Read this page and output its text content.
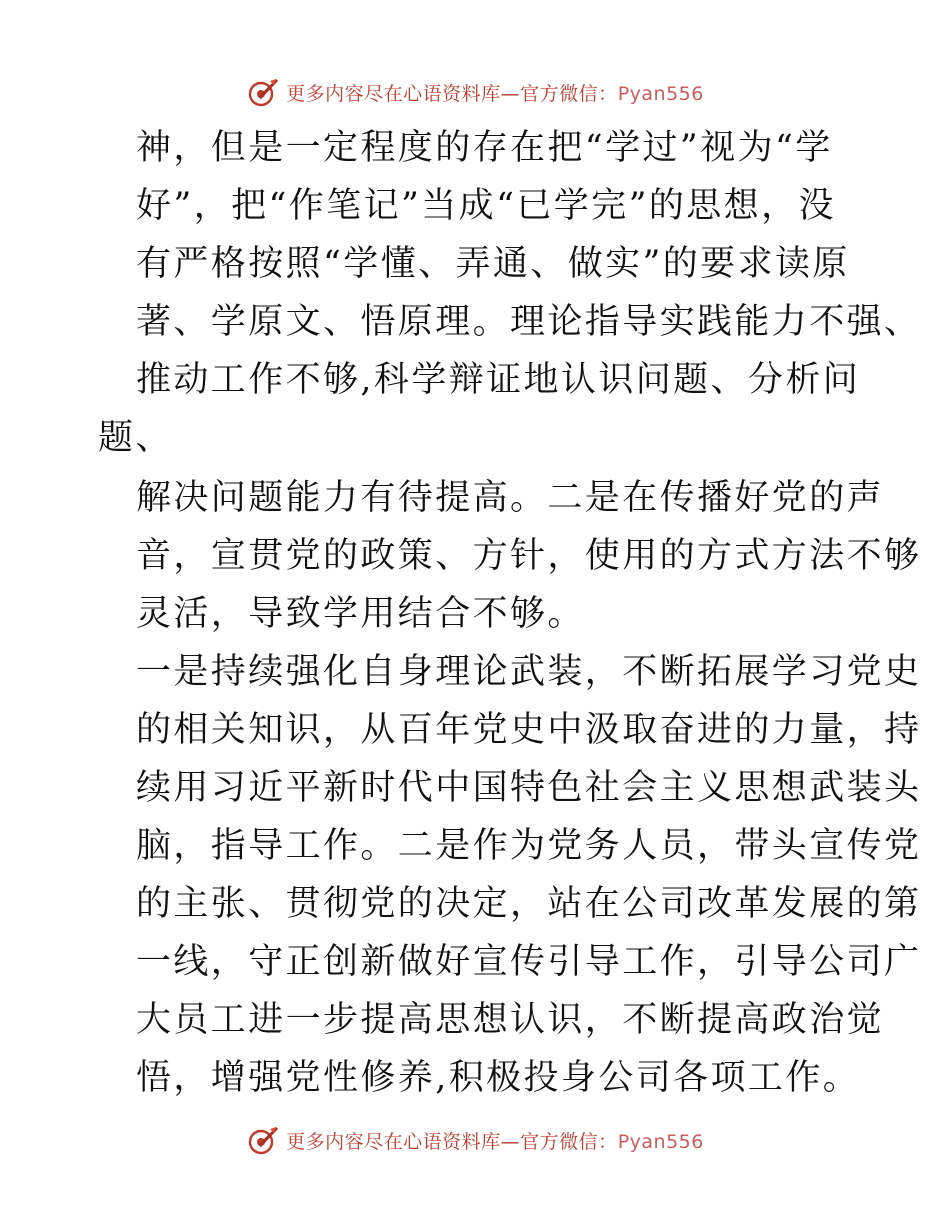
更多内容尽在心语资料库—官方微信：Pyan556
神，但是一定程度的存在把“学过”视为“学
好”，把“作笔记”当成“已学完”的思想，没
有严格按照“学懂、弄通、做实”的要求读原
著、学原文、悟原理。理论指导实践能力不强、
推动工作不够,科学辩证地认识问题、分析问
题、
解决问题能力有待提高。二是在传播好党的声
音，宣贯党的政策、方针，使用的方式方法不够
灵活，导致学用结合不够。
一是持续强化自身理论武装，不断拓展学习党史
的相关知识，从百年党史中汲取奋进的力量，持
续用习近平新时代中国特色社会主义思想武装头
脑，指导工作。二是作为党务人员，带头宣传党
的主张、贯彻党的决定，站在公司改革发展的第
一线，守正创新做好宣传引导工作，引导公司广
大员工进一步提高思想认识，不断提高政治觉
悟，增强党性修养,积极投身公司各项工作。
更多内容尽在心语资料库—官方微信：Pyan556
